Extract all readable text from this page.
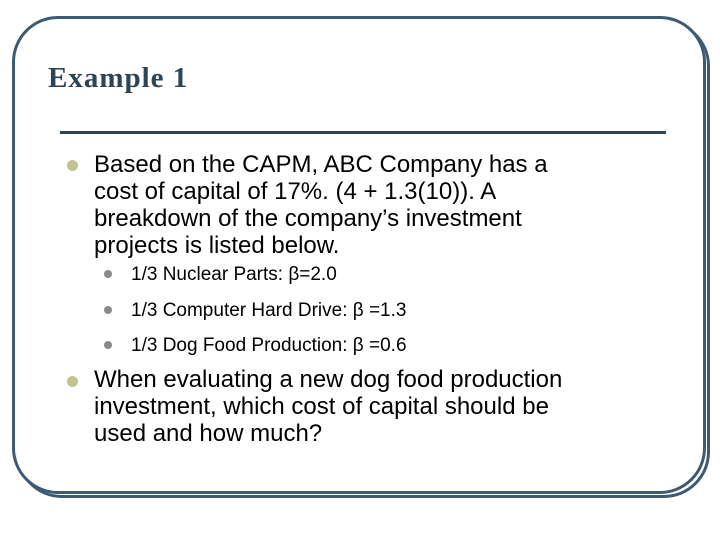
Example 1
Based on the CAPM, ABC Company has a
cost of capital of 17%. (4 + 1.3(10)). A
breakdown of the company’s investment
projects is listed below.
1/3 Nuclear Parts: β=2.0
1/3 Computer Hard Drive: β =1.3
1/3 Dog Food Production: β =0.6
When evaluating a new dog food production
investment, which cost of capital should be
used and how much?
